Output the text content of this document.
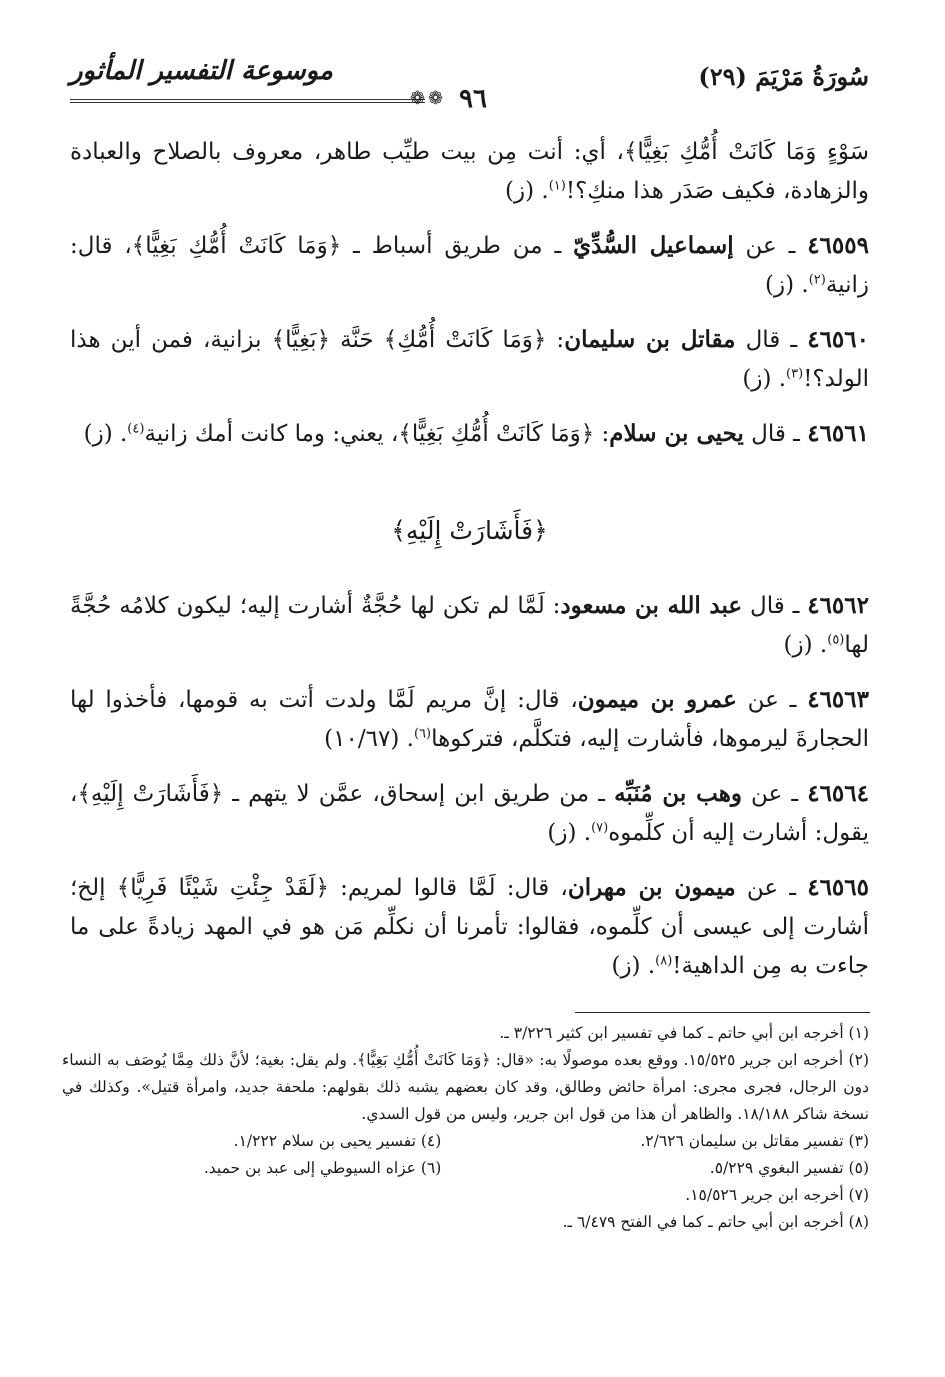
سُورَةُ مَرْيَمَ (٢٩)
موسوعة التفسير المأثور
❁	٩٦
❁

سَوْءٍ وَمَا كَانَتْ أُمُّكِ بَغِيًّا﴾، أي: أنت مِن بيت طيِّب طاهر، معروف بالصلاح والعبادة والزهادة، فكيف صَدَر هذا منكِ؟!$^{(١)}$. (ز)

٤٦٥٥٩ ـ عن إسماعيل السُّدِّيّ ـ من طريق أسباط ـ ﴿وَمَا كَانَتْ أُمُّكِ بَغِيًّا﴾، قال: زانية$^{(٢)}$. (ز)

٤٦٥٦٠ ـ قال مقاتل بن سليمان: ﴿وَمَا كَانَتْ أُمُّكِ﴾ حَنَّة ﴿بَغِيًّا﴾ بزانية، فمن أين هذا الولد؟!$^{(٣)}$. (ز)

٤٦٥٦١ ـ قال يحيى بن سلام: ﴿وَمَا كَانَتْ أُمُّكِ بَغِيًّا﴾، يعني: وما كانت أمك زانية$^{(٤)}$. (ز)

﴿فَأَشَارَتْ إِلَيْهِ﴾

٤٦٥٦٢ ـ قال عبد الله بن مسعود: لَمَّا لم تكن لها حُجَّةٌ أشارت إليه؛ ليكون كلامُه حُجَّةً لها$^{(٥)}$. (ز)

٤٦٥٦٣ ـ عن عمرو بن ميمون، قال: إنَّ مريم لَمَّا ولدت أتت به قومها، فأخذوا لها الحجارةَ ليرموها، فأشارت إليه، فتكلَّم، فتركوها$^{(٦)}$. (١٠/٦٧)

٤٦٥٦٤ ـ عن وهب بن مُنَبِّه ـ من طريق ابن إسحاق، عمَّن لا يتهم ـ ﴿فَأَشَارَتْ إِلَيْهِ﴾، يقول: أشارت إليه أن كلِّموه$^{(٧)}$. (ز)

٤٦٥٦٥ ـ عن ميمون بن مهران، قال: لَمَّا قالوا لمريم: ﴿لَقَدْ جِئْتِ شَيْئًا فَرِيًّا﴾ إلخ؛ أشارت إلى عيسى أن كلِّموه، فقالوا: تأمرنا أن نكلِّم مَن هو في المهد زيادةً على ما جاءت به مِن الداهية!$^{(٨)}$. (ز)

(١) أخرجه ابن أبي حاتم ـ كما في تفسير ابن كثير ٣/٢٢٦ ـ.

(٢) أخرجه ابن جرير ١٥/٥٢٥. ووقع بعده موصولًا به: «قال: ﴿وَمَا كَانَتْ أُمُّكِ بَغِيًّا﴾. ولم يقل: بغية؛ لأنَّ ذلك مِمَّا يُوصَف به النساء دون الرجال، فجرى مجرى: امرأة حائض وطالق، وقد كان بعضهم يشبه ذلك بقولهم: ملحفة جديد، وامرأة قتيل». وكذلك في نسخة شاكر ١٨/١٨٨. والظاهر أن هذا من قول ابن جرير، وليس من قول السدي.

(٣) تفسير مقاتل بن سليمان ٢/٦٢٦.
(٤) تفسير يحيى بن سلام ١/٢٢٢.
(٥) تفسير البغوي ٥/٢٢٩.
(٦) عزاه السيوطي إلى عبد بن حميد.

(٧) أخرجه ابن جرير ١٥/٥٢٦.

(٨) أخرجه ابن أبي حاتم ـ كما في الفتح ٦/٤٧٩ ـ.
